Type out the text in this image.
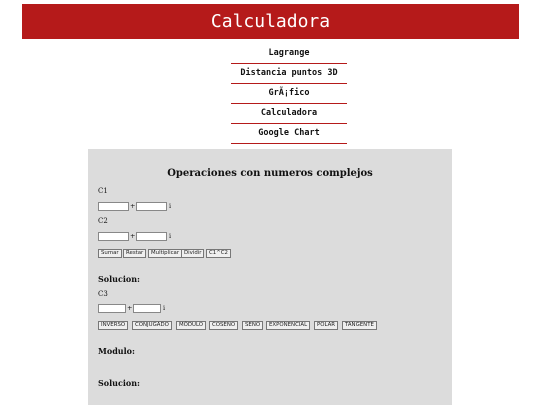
Calculadora
Lagrange
Distancia puntos 3D
GrÃ¡fico
Calculadora
Google Chart
Operaciones con numeros complejos
C1
+	i
C2
+	i
Sumar	Restar	Multiplicar Dividir	C1^C2
Solucion:
C3
+	i
INVERSO	CONJUGADO	MÓDULO	COSENO	SENO	EXPONENCIAL	POLAR	TANGENTE
Modulo:
Solucion:
